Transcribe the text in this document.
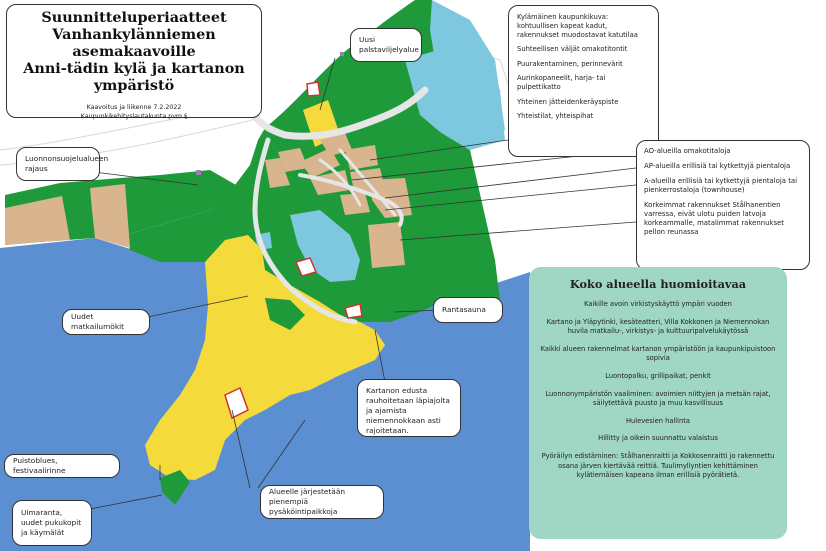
Suunnitteluperiaatteet
Vanhankylänniemen asemakaavoille
Anni-tädin kylä ja kartanon ympäristö
Kaavoitus ja liikenne 7.2.2022
Kaupunkikehityslautakunta pvm §
Uusi palstaviljelyalue
Luonnonsuojelualueen rajaus
Uudet matkailumökit
Rantasauna
Kartanon edusta rauhoitetaan läpiajolta ja ajamista niemennokkaan asti rajoitetaan.
Puistoblues, festivaalirinne
Alueelle järjestetään pienempiä pysäköintipaikkoja
Uimaranta, uudet pukukopit ja käymälät
Kylämäinen kaupunkikuva: kohtuullisen kapeat kadut, rakennukset muodostavat katutilaa
Suhteellisen väljät omakotitontit
Puurakentaminen, perinnevärit
Aurinkopaneelit, harja- tai pulpettikatto
Yhteinen jätteidenkeräyspiste
Yhteistilat, yhteispihat
AO-alueilla omakotitaloja
AP-alueilla erillisiä tai kytkettyjä pientaloja
A-alueilla erillisiä tai kytkettyjä pientaloja tai pienkerrostaloja (townhouse)
Korkeimmat rakennukset Stålhanentien varressa, eivät ulotu puiden latvoja korkeammalle, matalimmat rakennukset pellon reunassa
Koko alueella huomioitavaa
Kaikille avoin virkistyskäyttö ympäri vuoden
Kartano ja Yläpytinki, kesäteatteri, Villa Kokkonen ja Niemennokan huvila matkailu-, virkistys- ja kulttuuripalvelukäytössä
Kaikki alueen rakennelmat kartanon ympäristöön ja kaupunkipuistoon sopivia
Luontopolku, grillipaikat, penkit
Luonnonympäristön vaaliminen: avoimien niittyjen ja metsän rajat, säilytettävä puusto ja muu kasvillisuus
Hulevesien hallinta
Hillitty ja oikein suunnattu valaistus
Pyöräilyn edistäminen: Stålhanenraitti ja Kokkosenraitti jo rakennettu osana järven kiertävää reittiä. Tuulimyllyntien kehittäminen kylätiemäisen kapeana ilman erillisiä pyörätietä.
